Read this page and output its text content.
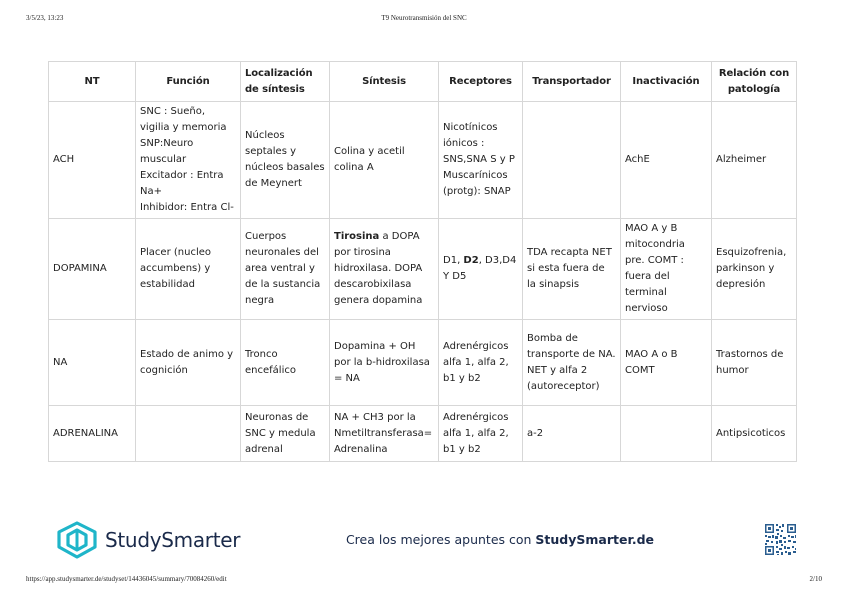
3/5/23, 13:23	T9 Neurotransmisión del SNC
NT	Función	Localización de síntesis	Síntesis	Receptores	Transportador	Inactivación	Relación con patología
ACH	SNC : Sueño, vigilia y memoria
SNP:Neuro muscular
Excitador : Entra Na+
Inhibidor: Entra Cl-	Núcleos septales y núcleos basales de Meynert	Colina y acetil colina A	Nicotínicos iónicos : SNS,SNA S y P
Muscarínicos (protg): SNAP		AchE	Alzheimer
DOPAMINA	Placer (nucleo accumbens) y estabilidad	Cuerpos neuronales del area ventral y de la sustancia negra	Tirosina a DOPA por tirosina hidroxilasa. DOPA descarobixilasa genera dopamina	D1, D2, D3,D4 Y D5	TDA recapta NET si esta fuera de la sinapsis	MAO A y B mitocondria pre. COMT : fuera del terminal nervioso	Esquizofrenia, parkinson y depresión
NA	Estado de animo y cognición	Tronco encefálico	Dopamina + OH por la b-hidroxilasa = NA	Adrenérgicos alfa 1, alfa 2, b1 y b2	Bomba de transporte de NA.
NET y alfa 2 (autoreceptor)	MAO A o B
COMT	Trastornos de humor
ADRENALINA		Neuronas de SNC y medula adrenal	NA + CH3 por la Nmetiltransferasa= Adrenalina	Adrenérgicos alfa 1, alfa 2, b1 y b2	a-2		Antipsicoticos
StudySmarter	Crea los mejores apuntes con StudySmarter.de
https://app.studysmarter.de/studyset/14436045/summary/70084260/edit	2/10
